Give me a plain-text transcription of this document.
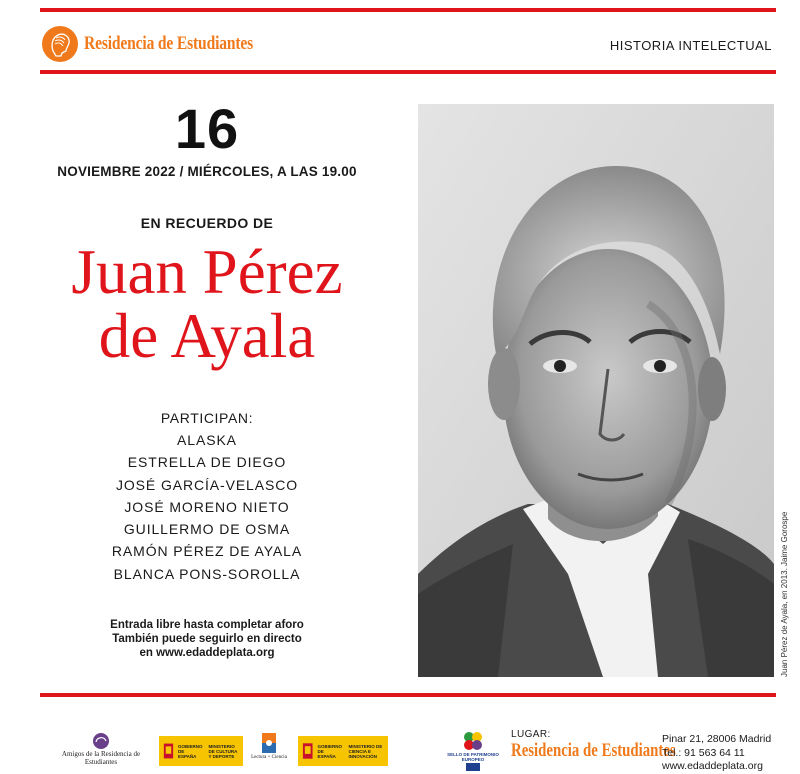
Residencia de Estudiantes	HISTORIA INTELECTUAL
16
NOVIEMBRE 2022 / MIÉRCOLES, A LAS 19.00
EN RECUERDO DE
Juan Pérez
de Ayala
PARTICIPAN:
ALASKA
ESTRELLA DE DIEGO
JOSÉ GARCÍA-VELASCO
JOSÉ MORENO NIETO
GUILLERMO DE OSMA
RAMÓN PÉREZ DE AYALA
BLANCA PONS-SOROLLA
Entrada libre hasta completar aforo
También puede seguirlo en directo
en www.edaddeplata.org	Juan Pérez de Ayala, en 2013. Jaime Gorospe
Amigos de la Residencia de Estudiantes
GOBIERNO DE ESPAÑA
MINISTERIO DE CULTURA Y DEPORTE	Lectura + Ciencia
GOBIERNO DE ESPAÑA
MINISTERIO DE CIENCIA E INNOVACIÓN	SELLO DE PATRIMONIO EUROPEO
LUGAR:
Residencia de Estudiantes
Pinar 21, 28006 Madrid
Tel.: 91 563 64 11
www.edaddeplata.org
